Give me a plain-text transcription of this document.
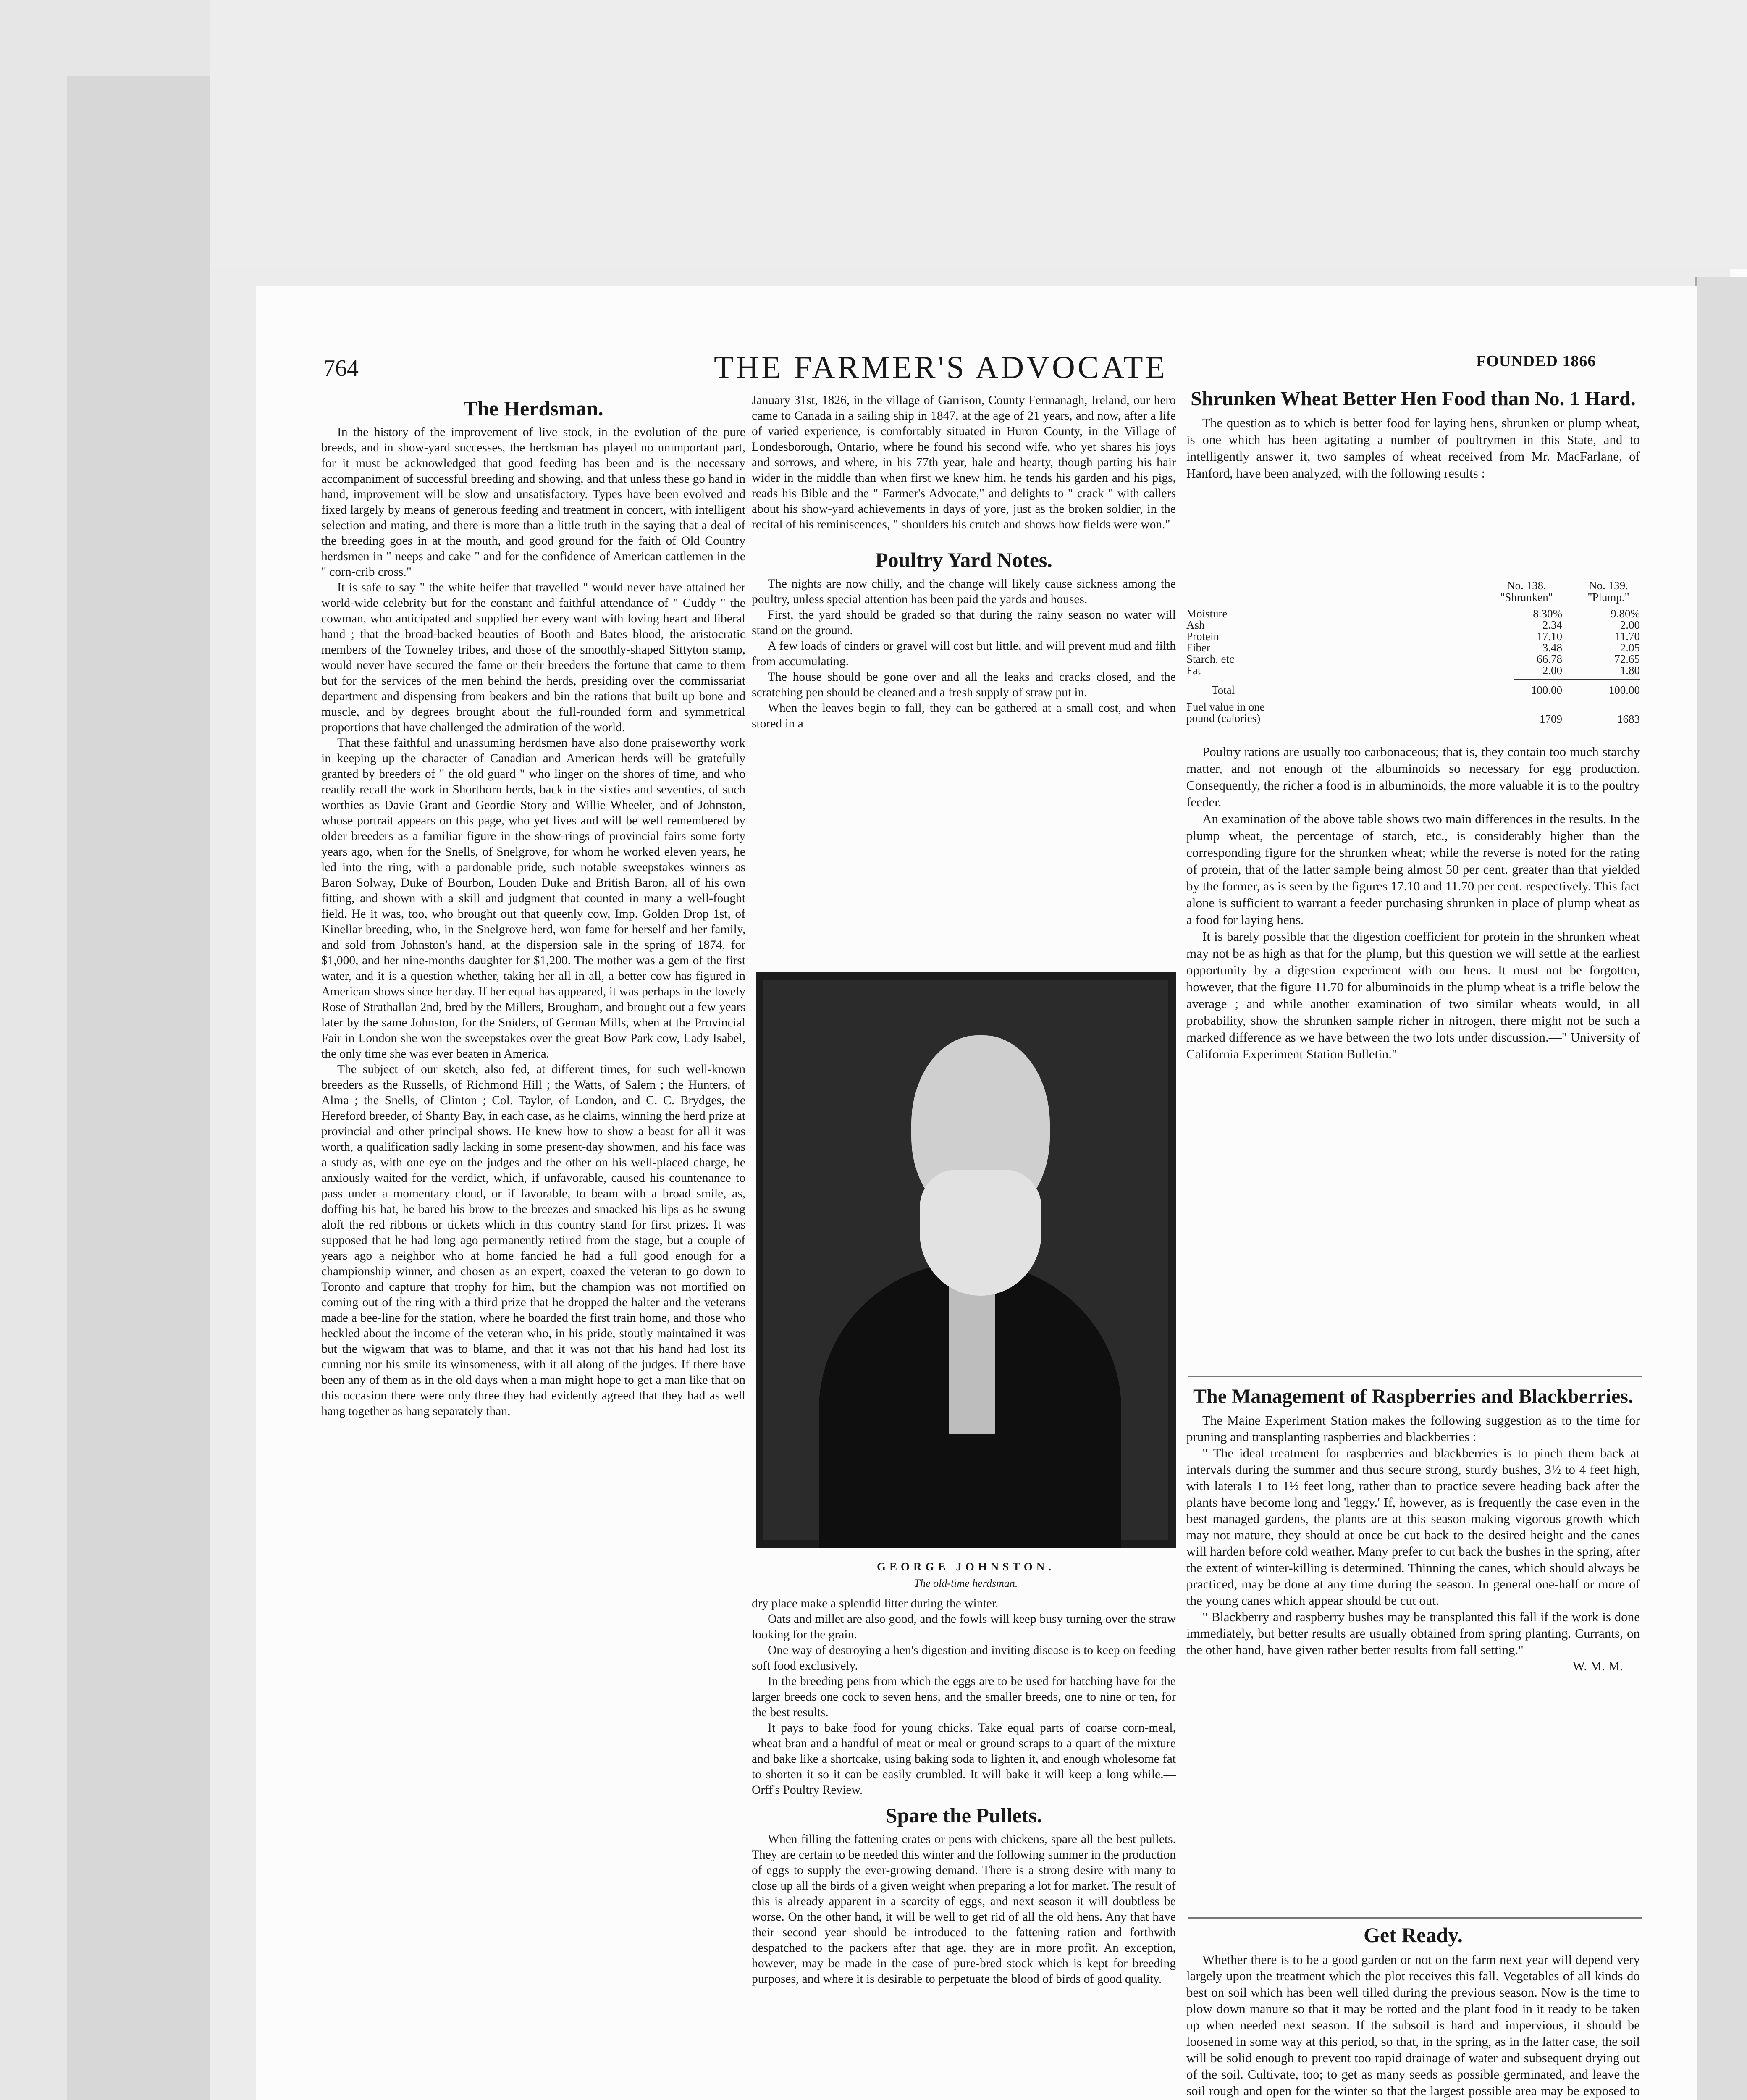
764	THE FARMER'S ADVOCATE	FOUNDED 1866
The Herdsman.

In the history of the improvement of live stock, in the evolution of the pure breeds, and in show-yard successes, the herdsman has played no unimportant part, for it must be acknowledged that good feeding has been and is the necessary accompaniment of successful breeding and showing, and that unless these go hand in hand, improvement will be slow and unsatisfactory. Types have been evolved and fixed largely by means of generous feeding and treatment in concert, with intelligent selection and mating, and there is more than a little truth in the saying that a deal of the breeding goes in at the mouth, and good ground for the faith of Old Country herdsmen in " neeps and cake " and for the confidence of American cattlemen in the " corn-crib cross."

It is safe to say " the white heifer that travelled " would never have attained her world-wide celebrity but for the constant and faithful attendance of " Cuddy " the cowman, who anticipated and supplied her every want with loving heart and liberal hand ; that the broad-backed beauties of Booth and Bates blood, the aristocratic members of the Towneley tribes, and those of the smoothly-shaped Sittyton stamp, would never have secured the fame or their breeders the fortune that came to them but for the services of the men behind the herds, presiding over the commissariat department and dispensing from beakers and bin the rations that built up bone and muscle, and by degrees brought about the full-rounded form and symmetrical proportions that have challenged the admiration of the world.

That these faithful and unassuming herdsmen have also done praiseworthy work in keeping up the character of Canadian and American herds will be gratefully granted by breeders of " the old guard " who linger on the shores of time, and who readily recall the work in Shorthorn herds, back in the sixties and seventies, of such worthies as Davie Grant and Geordie Story and Willie Wheeler, and of Johnston, whose portrait appears on this page, who yet lives and will be well remembered by older breeders as a familiar figure in the show-rings of provincial fairs some forty years ago, when for the Snells, of Snelgrove, for whom he worked eleven years, he led into the ring, with a pardonable pride, such notable sweepstakes winners as Baron Solway, Duke of Bourbon, Louden Duke and British Baron, all of his own fitting, and shown with a skill and judgment that counted in many a well-fought field. He it was, too, who brought out that queenly cow, Imp. Golden Drop 1st, of Kinellar breeding, who, in the Snelgrove herd, won fame for herself and her family, and sold from Johnston's hand, at the dispersion sale in the spring of 1874, for $1,000, and her nine-months daughter for $1,200. The mother was a gem of the first water, and it is a question whether, taking her all in all, a better cow has figured in American shows since her day. If her equal has appeared, it was perhaps in the lovely Rose of Strathallan 2nd, bred by the Millers, Brougham, and brought out a few years later by the same Johnston, for the Sniders, of German Mills, when at the Provincial Fair in London she won the sweepstakes over the great Bow Park cow, Lady Isabel, the only time she was ever beaten in America.

The subject of our sketch, also fed, at different times, for such well-known breeders as the Russells, of Richmond Hill ; the Watts, of Salem ; the Hunters, of Alma ; the Snells, of Clinton ; Col. Taylor, of London, and C. C. Brydges, the Hereford breeder, of Shanty Bay, in each case, as he claims, winning the herd prize at provincial and other principal shows. He knew how to show a beast for all it was worth, a qualification sadly lacking in some present-day showmen, and his face was a study as, with one eye on the judges and the other on his well-placed charge, he anxiously waited for the verdict, which, if unfavorable, caused his countenance to pass under a momentary cloud, or if favorable, to beam with a broad smile, as, doffing his hat, he bared his brow to the breezes and smacked his lips as he swung aloft the red ribbons or tickets which in this country stand for first prizes. It was supposed that he had long ago permanently retired from the stage, but a couple of years ago a neighbor who at home fancied he had a full good enough for a championship winner, and chosen as an expert, coaxed the veteran to go down to Toronto and capture that trophy for him, but the champion was not mortified on coming out of the ring with a third prize that he dropped the halter and the veterans made a bee-line for the station, where he boarded the first train home, and those who heckled about the income of the veteran who, in his pride, stoutly maintained it was but the wigwam that was to blame, and that it was not that his hand had lost its cunning nor his smile its winsomeness, with it all along of the judges. If there have been any of them as in the old days when a man might hope to get a man like that on this occasion there were only three they had evidently agreed that they had as well hang together as hang separately than.

January 31st, 1826, in the village of Garrison, County Fermanagh, Ireland, our hero came to Canada in a sailing ship in 1847, at the age of 21 years, and now, after a life of varied experience, is comfortably situated in Huron County, in the Village of Londesborough, Ontario, where he found his second wife, who yet shares his joys and sorrows, and where, in his 77th year, hale and hearty, though parting his hair wider in the middle than when first we knew him, he tends his garden and his pigs, reads his Bible and the " Farmer's Advocate," and delights to " crack " with callers about his show-yard achievements in days of yore, just as the broken soldier, in the recital of his reminiscences, " shoulders his crutch and shows how fields were won."

Poultry Yard Notes.

The nights are now chilly, and the change will likely cause sickness among the poultry, unless special attention has been paid the yards and houses.

First, the yard should be graded so that during the rainy season no water will stand on the ground.

A few loads of cinders or gravel will cost but little, and will prevent mud and filth from accumulating.

The house should be gone over and all the leaks and cracks closed, and the scratching pen should be cleaned and a fresh supply of straw put in.

When the leaves begin to fall, they can be gathered at a small cost, and when stored in a

GEORGE JOHNSTON.
The old-time herdsman.

dry place make a splendid litter during the winter.

Oats and millet are also good, and the fowls will keep busy turning over the straw looking for the grain.

One way of destroying a hen's digestion and inviting disease is to keep on feeding soft food exclusively.

In the breeding pens from which the eggs are to be used for hatching have for the larger breeds one cock to seven hens, and the smaller breeds, one to nine or ten, for the best results.

It pays to bake food for young chicks. Take equal parts of coarse corn-meal, wheat bran and a handful of meat or meal or ground scraps to a quart of the mixture and bake like a shortcake, using baking soda to lighten it, and enough wholesome fat to shorten it so it can be easily crumbled. It will bake it will keep a long while.—Orff's Poultry Review.

Spare the Pullets.

When filling the fattening crates or pens with chickens, spare all the best pullets. They are certain to be needed this winter and the following summer in the production of eggs to supply the ever-growing demand. There is a strong desire with many to close up all the birds of a given weight when preparing a lot for market. The result of this is already apparent in a scarcity of eggs, and next season it will doubtless be worse. On the other hand, it will be well to get rid of all the old hens. Any that have their second year should be introduced to the fattening ration and forthwith despatched to the packers after that age, they are in more profit. An exception, however, may be made in the case of pure-bred stock which is kept for breeding purposes, and where it is desirable to perpetuate the blood of birds of good quality.

Shrunken Wheat Better Hen Food than No. 1 Hard.

The question as to which is better food for laying hens, shrunken or plump wheat, is one which has been agitating a number of poultrymen in this State, and to intelligently answer it, two samples of wheat received from Mr. MacFarlane, of Hanford, have been analyzed, with the following results :

No. 138. "Shrunken"
No. 139. "Plump."
Moisture	8.30%	9.80%
Ash	2.34	2.00
Protein	17.10	11.70
Fiber	3.48	2.05
Starch, etc	66.78	72.65
Fat	2.00	1.80
Total	100.00	100.00
Fuel value in one pound (calories)	1709	1683

Poultry rations are usually too carbonaceous; that is, they contain too much starchy matter, and not enough of the albuminoids so necessary for egg production. Consequently, the richer a food is in albuminoids, the more valuable it is to the poultry feeder.

An examination of the above table shows two main differences in the results. In the plump wheat, the percentage of starch, etc., is considerably higher than the corresponding figure for the shrunken wheat; while the reverse is noted for the rating of protein, that of the latter sample being almost 50 per cent. greater than that yielded by the former, as is seen by the figures 17.10 and 11.70 per cent. respectively. This fact alone is sufficient to warrant a feeder purchasing shrunken in place of plump wheat as a food for laying hens.

It is barely possible that the digestion coefficient for protein in the shrunken wheat may not be as high as that for the plump, but this question we will settle at the earliest opportunity by a digestion experiment with our hens. It must not be forgotten, however, that the figure 11.70 for albuminoids in the plump wheat is a trifle below the average ; and while another examination of two similar wheats would, in all probability, show the shrunken sample richer in nitrogen, there might not be such a marked difference as we have between the two lots under discussion.—" University of California Experiment Station Bulletin."

The Management of Raspberries and Blackberries.

The Maine Experiment Station makes the following suggestion as to the time for pruning and transplanting raspberries and blackberries :

" The ideal treatment for raspberries and blackberries is to pinch them back at intervals during the summer and thus secure strong, sturdy bushes, 3½ to 4 feet high, with laterals 1 to 1½ feet long, rather than to practice severe heading back after the plants have become long and 'leggy.' If, however, as is frequently the case even in the best managed gardens, the plants are at this season making vigorous growth which may not mature, they should at once be cut back to the desired height and the canes will harden before cold weather. Many prefer to cut back the bushes in the spring, after the extent of winter-killing is determined. Thinning the canes, which should always be practiced, may be done at any time during the season. In general one-half or more of the young canes which appear should be cut out.

" Blackberry and raspberry bushes may be transplanted this fall if the work is done immediately, but better results are usually obtained from spring planting. Currants, on the other hand, have given rather better results from fall setting."

W. M. M.

Get Ready.

Whether there is to be a good garden or not on the farm next year will depend very largely upon the treatment which the plot receives this fall. Vegetables of all kinds do best on soil which has been well tilled during the previous season. Now is the time to plow down manure so that it may be rotted and the plant food in it ready to be taken up when needed next season. If the subsoil is hard and impervious, it should be loosened in some way at this period, so that, in the spring, as in the latter case, the soil will be solid enough to prevent too rapid drainage of water and subsequent drying out of the soil. Cultivate, too; to get as many seeds as possible germinated, and leave the soil rough and open for the winter so that the largest possible area may be exposed to
